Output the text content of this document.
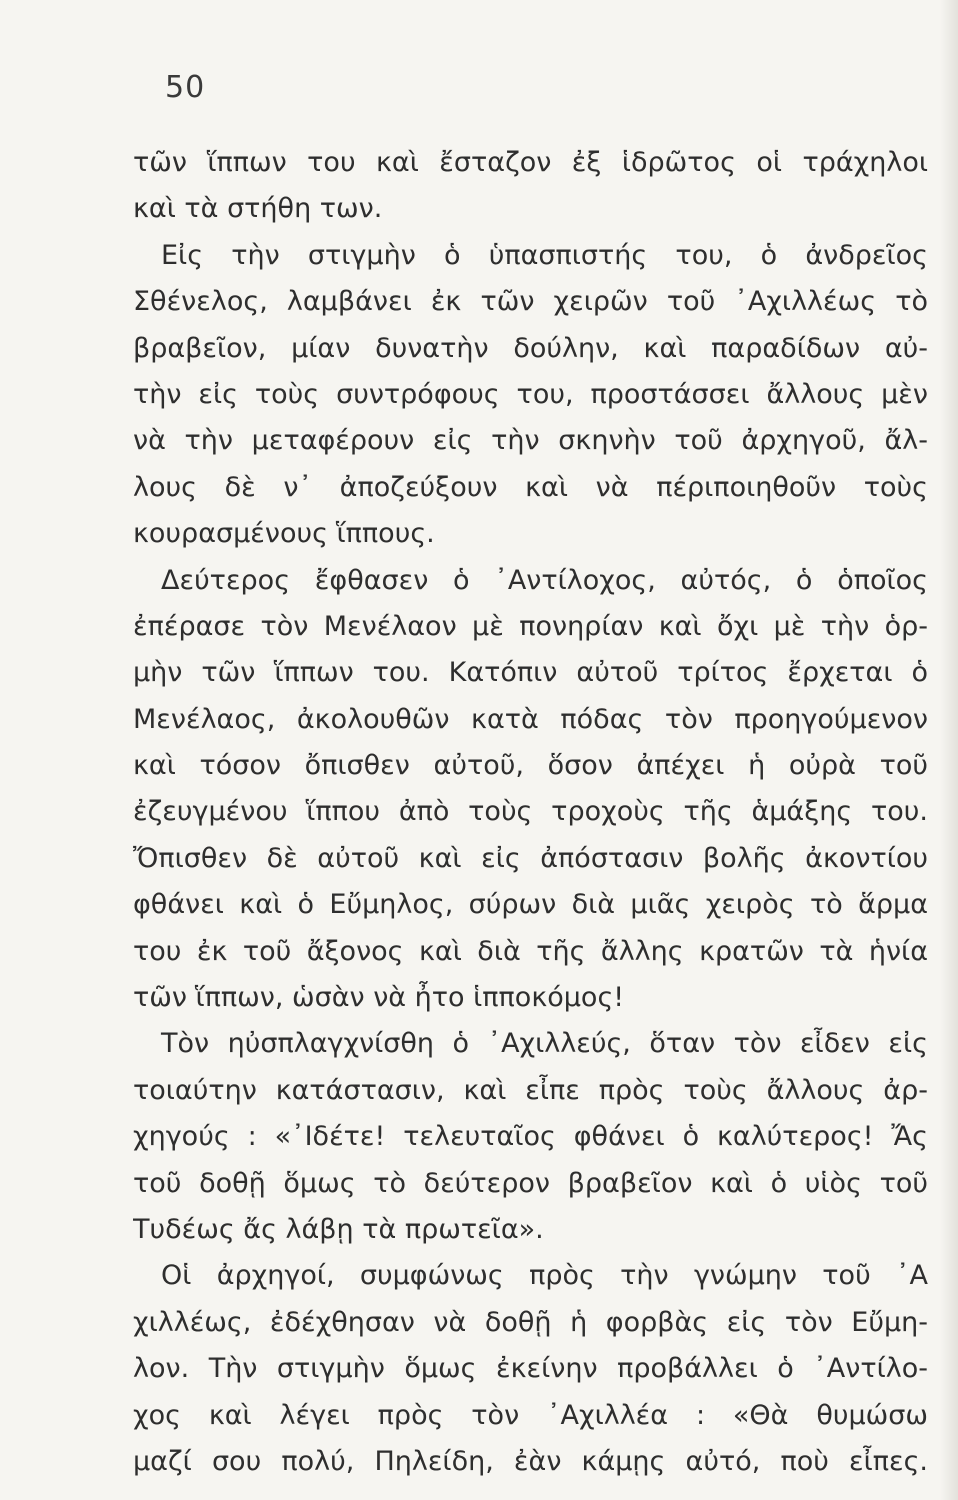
50
τῶν ἵππων του καὶ ἔσταζον ἐξ ἱδρῶτος οἱ τράχηλοι
καὶ τὰ στήθη των.
Εἰς τὴν στιγμὴν ὁ ὑπασπιστής του, ὁ ἀνδρεῖος
Σθένελος, λαμβάνει ἐκ τῶν χειρῶν τοῦ ᾿Αχιλλέως τὸ
βραβεῖον, μίαν δυνατὴν δούλην, καὶ παραδίδων αὐ-
τὴν εἰς τοὺς συντρόφους του, προστάσσει ἄλλους μὲν
νὰ τὴν μεταφέρουν εἰς τὴν σκηνὴν τοῦ ἀρχηγοῦ, ἄλ-
λους δὲ ν᾿ ἀποζεύξουν καὶ νὰ πέριποιηθοῦν τοὺς
κουρασμένους ἵππους.
Δεύτερος ἔφθασεν ὁ ᾿Αντίλοχος, αὐτός, ὁ ὁποῖος
ἐπέρασε τὸν Μενέλαον μὲ πονηρίαν καὶ ὄχι μὲ τὴν ὁρ-
μὴν τῶν ἵππων του. Κατόπιν αὐτοῦ τρίτος ἔρχεται ὁ
Μενέλαος, ἀκολουθῶν κατὰ πόδας τὸν προηγούμενον
καὶ τόσον ὄπισθεν αὐτοῦ, ὅσον ἀπέχει ἡ οὐρὰ τοῦ
ἐζευγμένου ἵππου ἀπὸ τοὺς τροχοὺς τῆς ἁμάξης του.
Ὄπισθεν δὲ αὐτοῦ καὶ εἰς ἀπόστασιν βολῆς ἀκοντίου
φθάνει καὶ ὁ Εὔμηλος, σύρων διὰ μιᾶς χειρὸς τὸ ἅρμα
του ἐκ τοῦ ἄξονος καὶ διὰ τῆς ἄλλης κρατῶν τὰ ἡνία
τῶν ἵππων, ὡσὰν νὰ ἦτο ἱπποκόμος!
Τὸν ηὐσπλαγχνίσθη ὁ ᾿Αχιλλεύς, ὅταν τὸν εἶδεν εἰς
τοιαύτην κατάστασιν, καὶ εἶπε πρὸς τοὺς ἄλλους ἀρ-
χηγούς : «᾿Ιδέτε! τελευταῖος φθάνει ὁ καλύτερος! Ἄς
τοῦ δοθῇ ὅμως τὸ δεύτερον βραβεῖον καὶ ὁ υἱὸς τοῦ
Τυδέως ἄς λάβῃ τὰ πρωτεῖα».
Οἱ ἀρχηγοί, συμφώνως πρὸς τὴν γνώμην τοῦ ᾿Α
χιλλέως, ἐδέχθησαν νὰ δοθῇ ἡ φορβὰς εἰς τὸν Εὔμη-
λον. Τὴν στιγμὴν ὅμως ἐκείνην προβάλλει ὁ ᾿Αντίλο-
χος καὶ λέγει πρὸς τὸν ᾿Αχιλλέα : «Θὰ θυμώσω
μαζί σου πολύ, Πηλείδη, ἐὰν κάμῃς αὐτό, ποὺ εἶπες.
